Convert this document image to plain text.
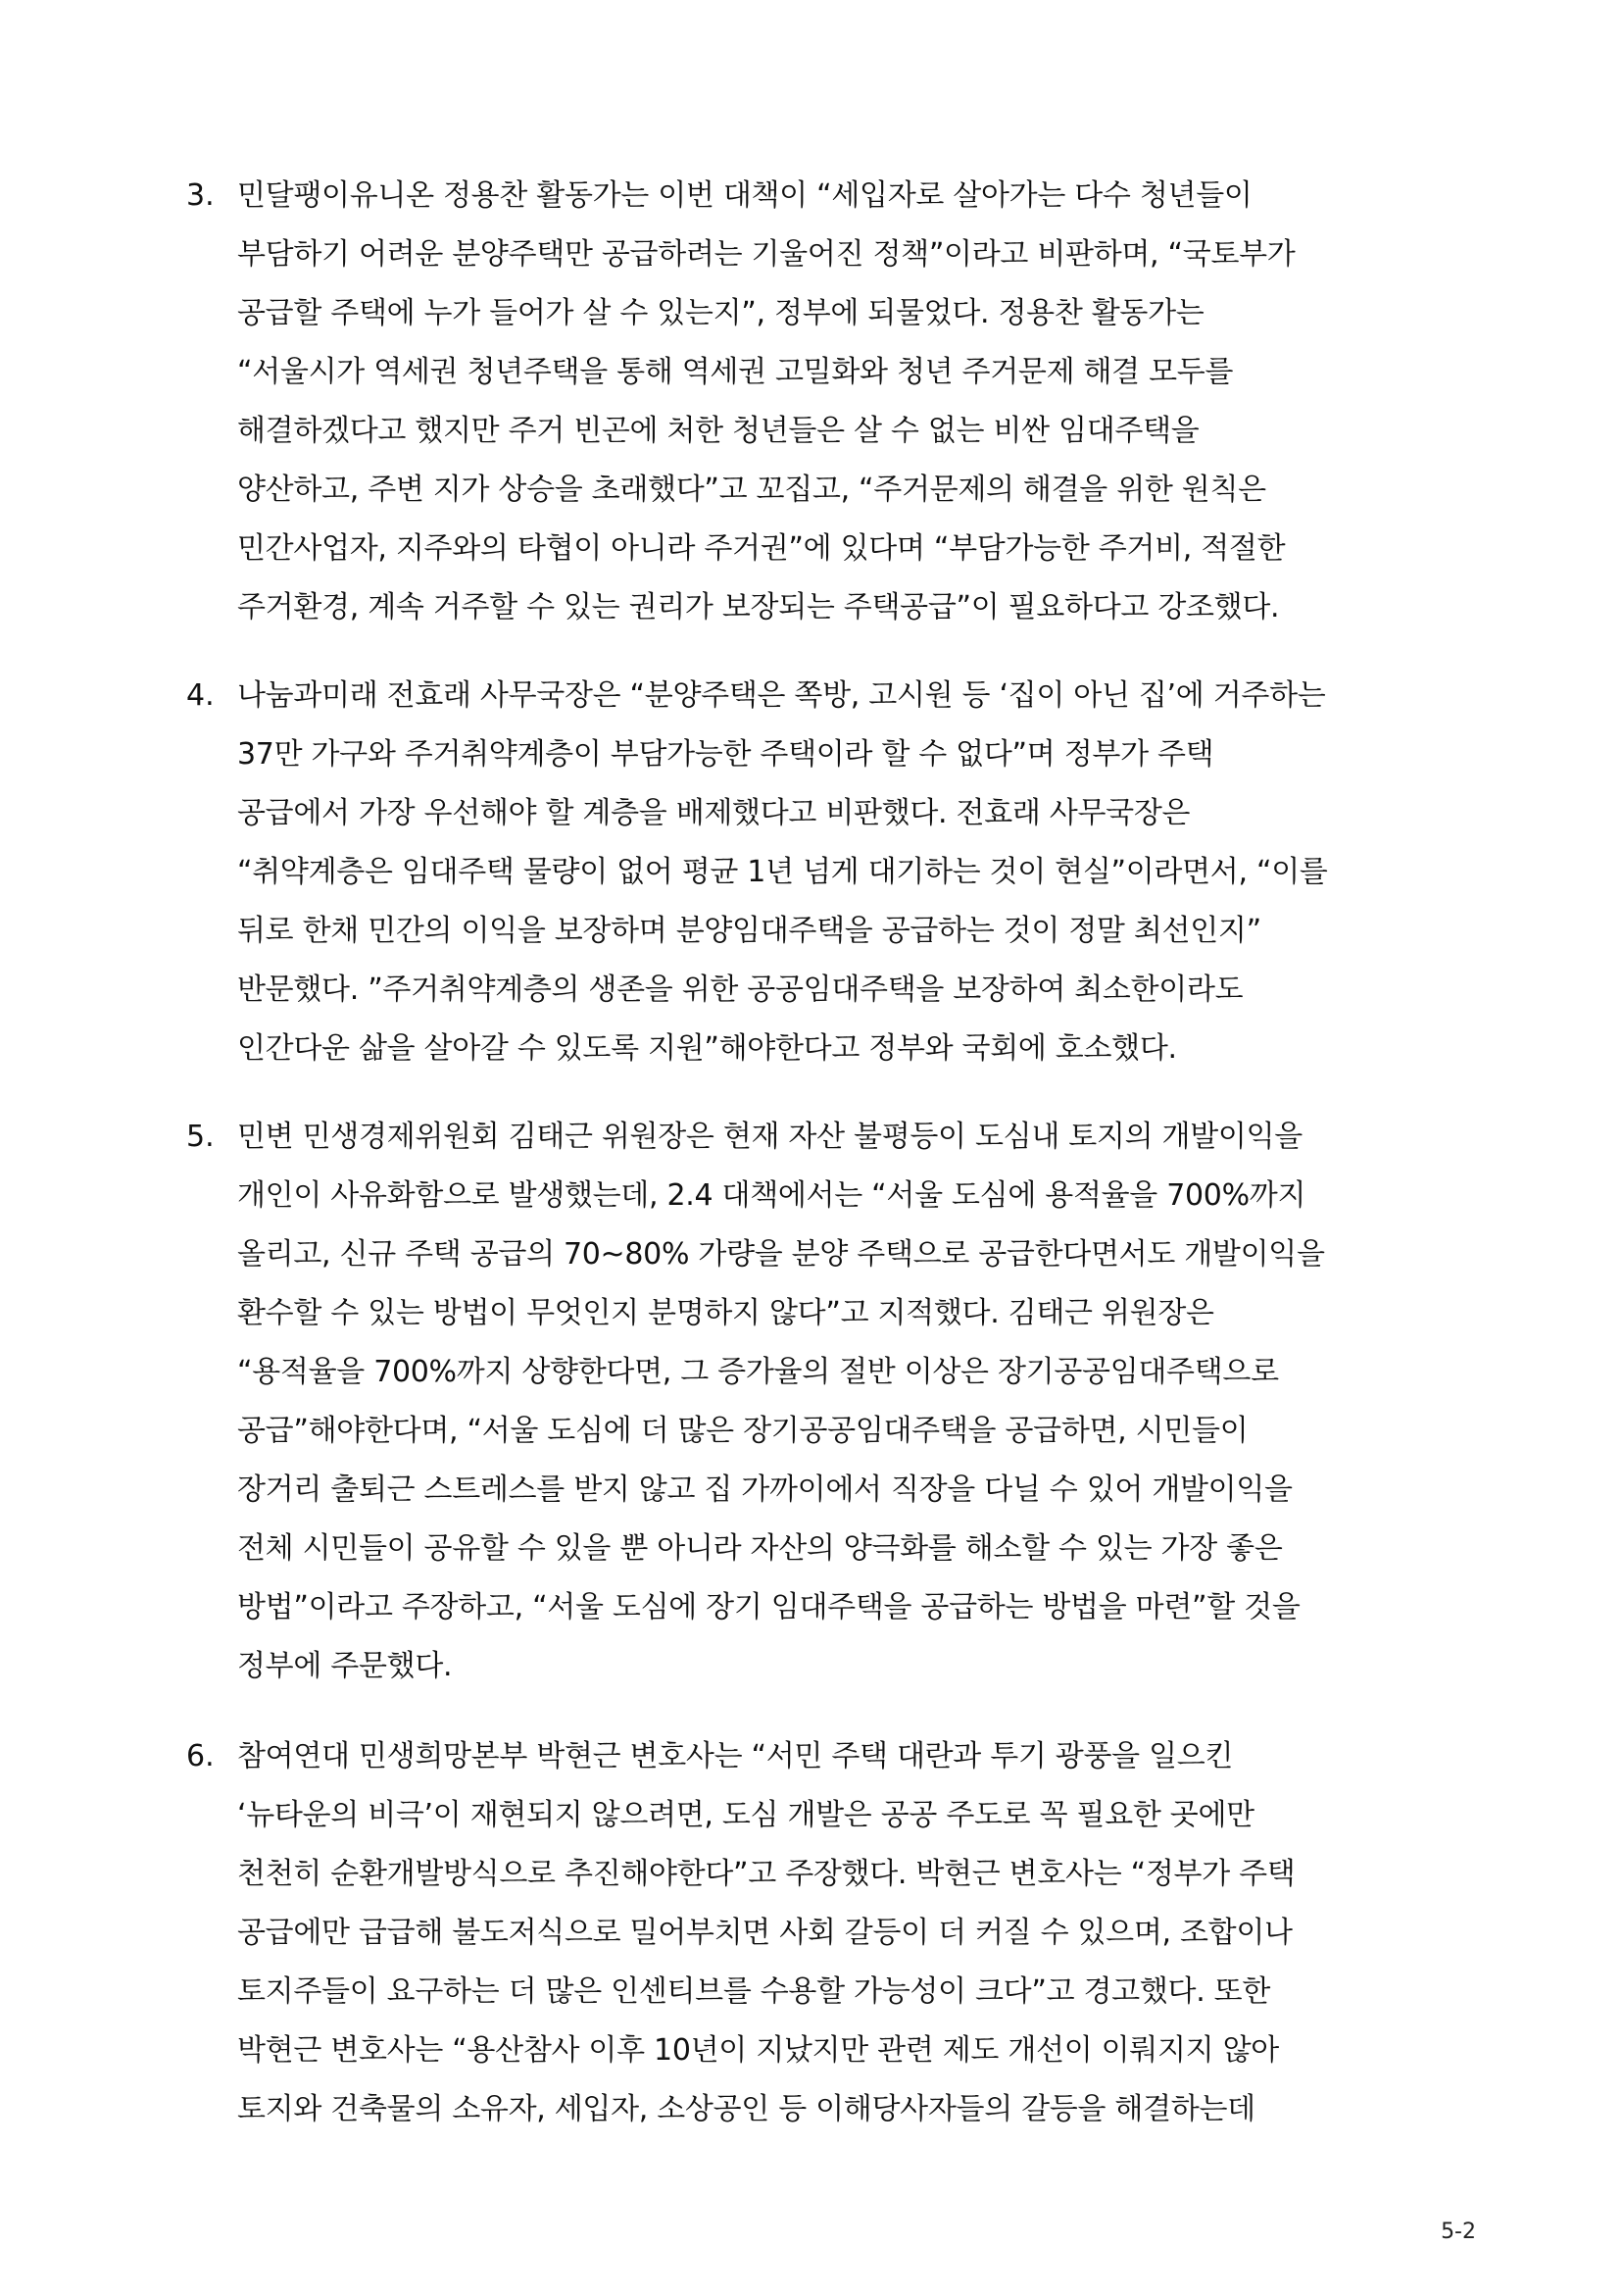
3. 민달팽이유니온 정용찬 활동가는 이번 대책이 “세입자로 살아가는 다수 청년들이
부담하기 어려운 분양주택만 공급하려는 기울어진 정책”이라고 비판하며, “국토부가
공급할 주택에 누가 들어가 살 수 있는지”, 정부에 되물었다. 정용찬 활동가는
“서울시가 역세권 청년주택을 통해 역세권 고밀화와 청년 주거문제 해결 모두를
해결하겠다고 했지만 주거 빈곤에 처한 청년들은 살 수 없는 비싼 임대주택을
양산하고, 주변 지가 상승을 초래했다”고 꼬집고, “주거문제의 해결을 위한 원칙은
민간사업자, 지주와의 타협이 아니라 주거권”에 있다며 “부담가능한 주거비, 적절한
주거환경, 계속 거주할 수 있는 권리가 보장되는 주택공급”이 필요하다고 강조했다.
4. 나눔과미래 전효래 사무국장은 “분양주택은 쪽방, 고시원 등 ‘집이 아닌 집’에 거주하는
37만 가구와 주거취약계층이 부담가능한 주택이라 할 수 없다”며 정부가 주택
공급에서 가장 우선해야 할 계층을 배제했다고 비판했다. 전효래 사무국장은
“취약계층은 임대주택 물량이 없어 평균 1년 넘게 대기하는 것이 현실”이라면서, “이를
뒤로 한채 민간의 이익을 보장하며 분양임대주택을 공급하는 것이 정말 최선인지”
반문했다. ”주거취약계층의 생존을 위한 공공임대주택을 보장하여 최소한이라도
인간다운 삶을 살아갈 수 있도록 지원”해야한다고 정부와 국회에 호소했다.
5. 민변 민생경제위원회 김태근 위원장은 현재 자산 불평등이 도심내 토지의 개발이익을
개인이 사유화함으로 발생했는데, 2.4 대책에서는 “서울 도심에 용적율을 700%까지
올리고, 신규 주택 공급의 70~80% 가량을 분양 주택으로 공급한다면서도 개발이익을
환수할 수 있는 방법이 무엇인지 분명하지 않다”고 지적했다. 김태근 위원장은
“용적율을 700%까지 상향한다면, 그 증가율의 절반 이상은 장기공공임대주택으로
공급”해야한다며, “서울 도심에 더 많은 장기공공임대주택을 공급하면, 시민들이
장거리 출퇴근 스트레스를 받지 않고 집 가까이에서 직장을 다닐 수 있어 개발이익을
전체 시민들이 공유할 수 있을 뿐 아니라 자산의 양극화를 해소할 수 있는 가장 좋은
방법”이라고 주장하고, “서울 도심에 장기 임대주택을 공급하는 방법을 마련”할 것을
정부에 주문했다.
6. 참여연대 민생희망본부 박현근 변호사는 “서민 주택 대란과 투기 광풍을 일으킨
‘뉴타운의 비극’이 재현되지 않으려면, 도심 개발은 공공 주도로 꼭 필요한 곳에만
천천히 순환개발방식으로 추진해야한다”고 주장했다. 박현근 변호사는 “정부가 주택
공급에만 급급해 불도저식으로 밀어부치면 사회 갈등이 더 커질 수 있으며, 조합이나
토지주들이 요구하는 더 많은 인센티브를 수용할 가능성이 크다”고 경고했다. 또한
박현근 변호사는 “용산참사 이후 10년이 지났지만 관련 제도 개선이 이뤄지지 않아
토지와 건축물의 소유자, 세입자, 소상공인 등 이해당사자들의 갈등을 해결하는데
5-2
